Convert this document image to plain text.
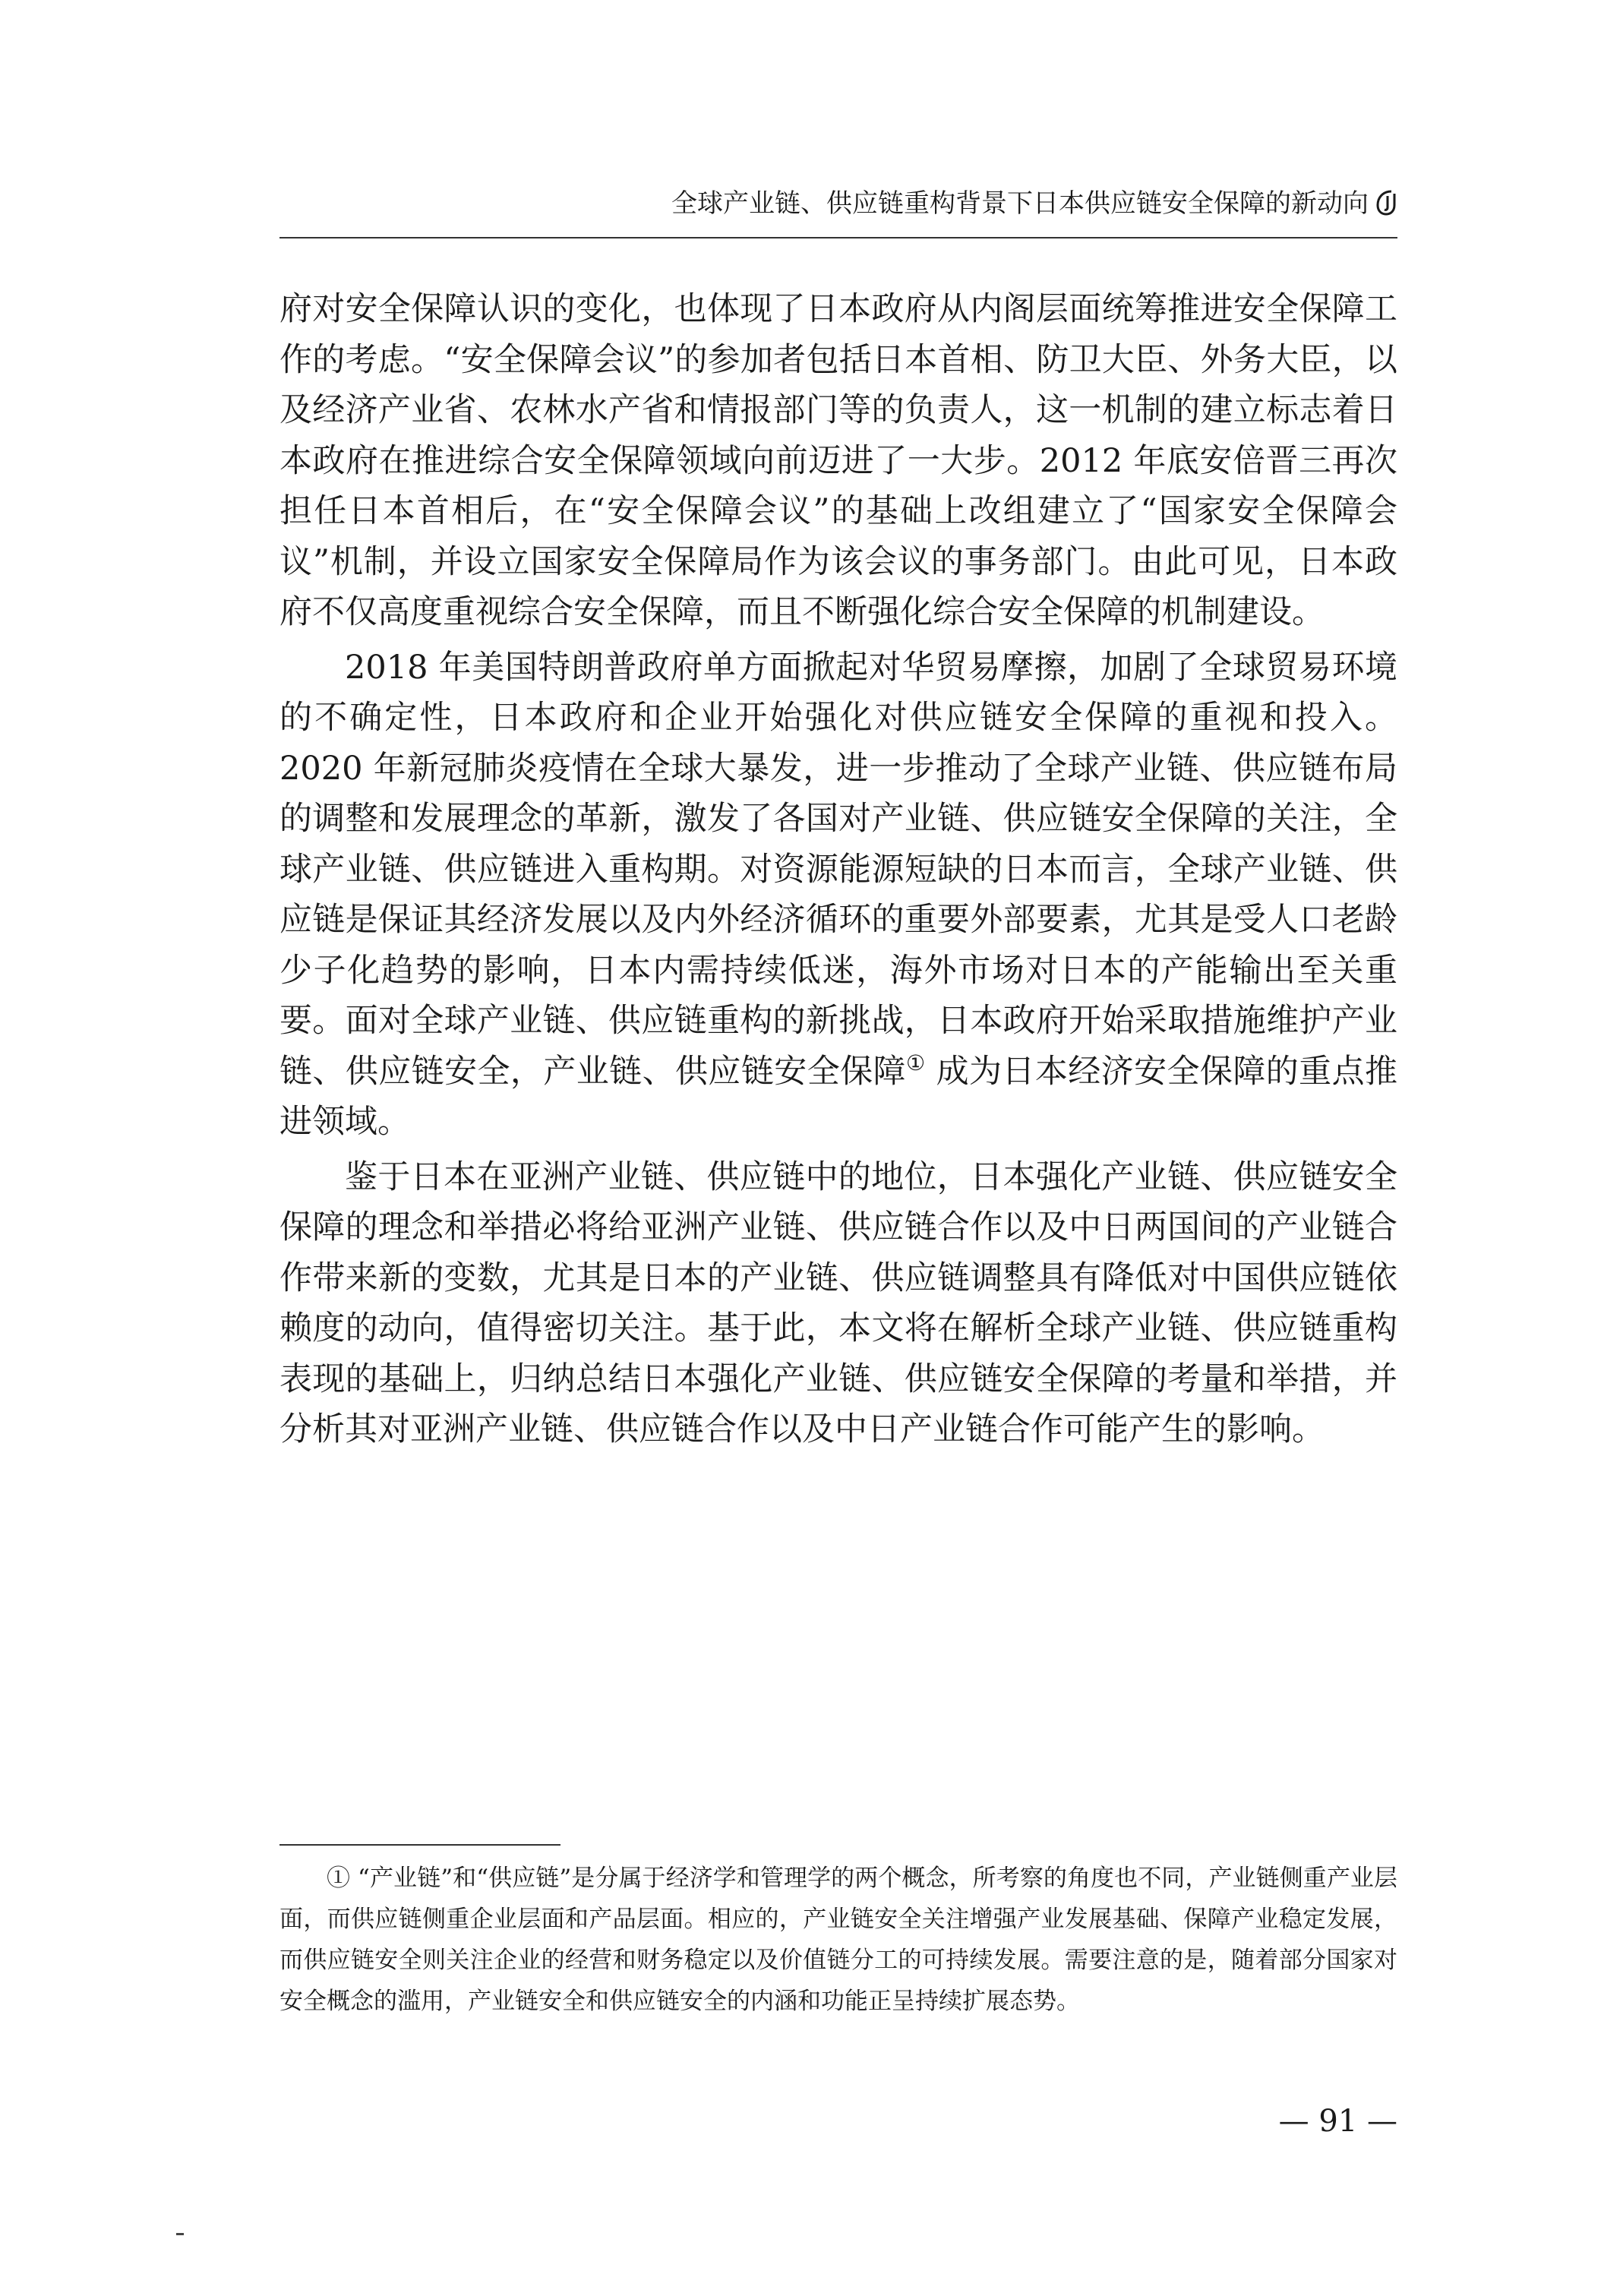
全球产业链、供应链重构背景下日本供应链安全保障的新动向

府对安全保障认识的变化，也体现了日本政府从内阁层面统筹推进安全保障工作的考虑。“安全保障会议”的参加者包括日本首相、防卫大臣、外务大臣，以及经济产业省、农林水产省和情报部门等的负责人，这一机制的建立标志着日本政府在推进综合安全保障领域向前迈进了一大步。2012 年底安倍晋三再次担任日本首相后，在“安全保障会议”的基础上改组建立了“国家安全保障会议”机制，并设立国家安全保障局作为该会议的事务部门。由此可见，日本政府不仅高度重视综合安全保障，而且不断强化综合安全保障的机制建设。

2018 年美国特朗普政府单方面掀起对华贸易摩擦，加剧了全球贸易环境的不确定性，日本政府和企业开始强化对供应链安全保障的重视和投入。2020 年新冠肺炎疫情在全球大暴发，进一步推动了全球产业链、供应链布局的调整和发展理念的革新，激发了各国对产业链、供应链安全保障的关注，全球产业链、供应链进入重构期。对资源能源短缺的日本而言，全球产业链、供应链是保证其经济发展以及内外经济循环的重要外部要素，尤其是受人口老龄少子化趋势的影响，日本内需持续低迷，海外市场对日本的产能输出至关重要。面对全球产业链、供应链重构的新挑战，日本政府开始采取措施维护产业链、供应链安全，产业链、供应链安全保障① 成为日本经济安全保障的重点推进领域。

鉴于日本在亚洲产业链、供应链中的地位，日本强化产业链、供应链安全保障的理念和举措必将给亚洲产业链、供应链合作以及中日两国间的产业链合作带来新的变数，尤其是日本的产业链、供应链调整具有降低对中国供应链依赖度的动向，值得密切关注。基于此，本文将在解析全球产业链、供应链重构表现的基础上，归纳总结日本强化产业链、供应链安全保障的考量和举措，并分析其对亚洲产业链、供应链合作以及中日产业链合作可能产生的影响。

① “产业链”和“供应链”是分属于经济学和管理学的两个概念，所考察的角度也不同，产业链侧重产业层面，而供应链侧重企业层面和产品层面。相应的，产业链安全关注增强产业发展基础、保障产业稳定发展，而供应链安全则关注企业的经营和财务稳定以及价值链分工的可持续发展。需要注意的是，随着部分国家对安全概念的滥用，产业链安全和供应链安全的内涵和功能正呈持续扩展态势。

— 91 —
